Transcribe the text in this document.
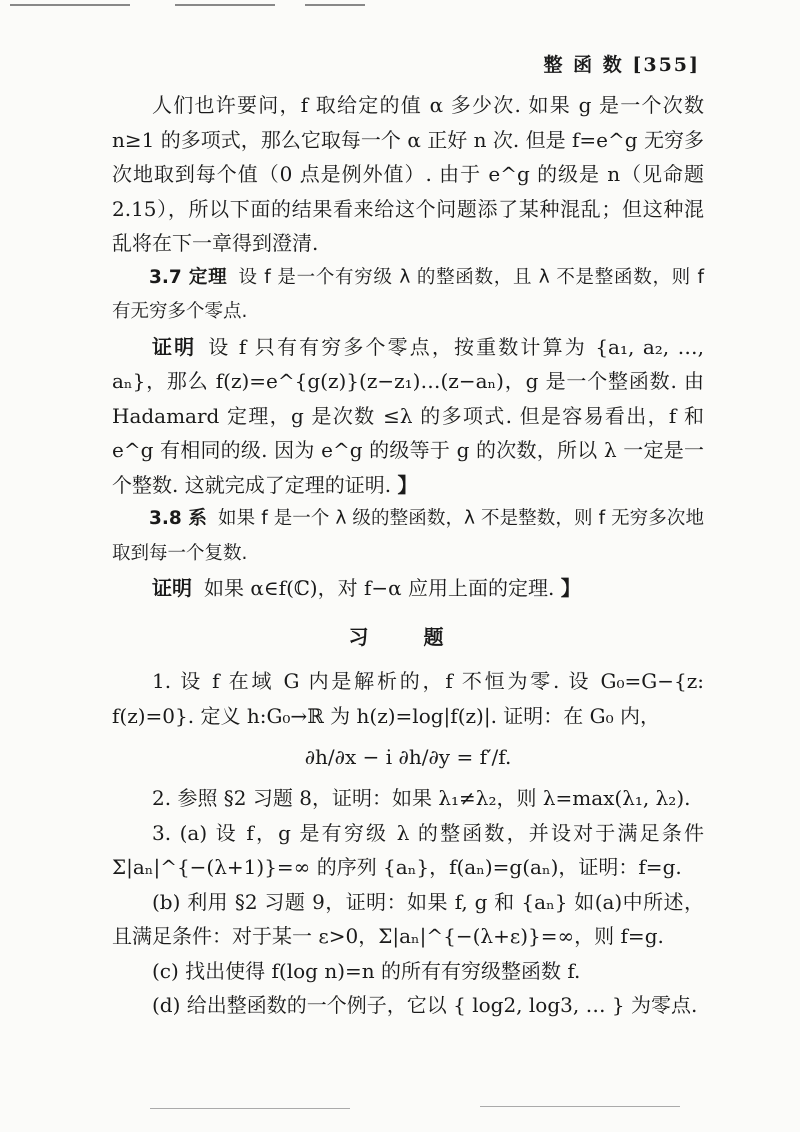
整 函 数 [355]

人们也许要问，f 取给定的值 α 多少次. 如果 g 是一个次数 n≥1 的多项式，那么它取每一个 α 正好 n 次. 但是 f=e^g 无穷多次地取到每个值（0 点是例外值）. 由于 e^g 的级是 n（见命题 2.15），所以下面的结果看来给这个问题添了某种混乱；但这种混乱将在下一章得到澄清.

3.7 定理 设 f 是一个有穷级 λ 的整函数，且 λ 不是整函数，则 f 有无穷多个零点.

证明 设 f 只有有穷多个零点，按重数计算为 {a₁, a₂, …, aₙ}，那么 f(z)=e^{g(z)}(z−z₁)…(z−aₙ)，g 是一个整函数. 由 Hadamard 定理，g 是次数 ≤λ 的多项式. 但是容易看出，f 和 e^g 有相同的级. 因为 e^g 的级等于 g 的次数，所以 λ 一定是一个整数. 这就完成了定理的证明. 】

3.8 系 如果 f 是一个 λ 级的整函数，λ 不是整数，则 f 无穷多次地取到每一个复数.

证明 如果 α∈f(ℂ)，对 f−α 应用上面的定理. 】

习 题

1. 设 f 在域 G 内是解析的，f 不恒为零. 设 G₀=G−{z: f(z)=0}. 定义 h:G₀→ℝ 为 h(z)=log|f(z)|. 证明：在 G₀ 内，

∂h/∂x − i ∂h/∂y = f′/f.

2. 参照 §2 习题 8，证明：如果 λ₁≠λ₂，则 λ=max(λ₁, λ₂).

3. (a) 设 f，g 是有穷级 λ 的整函数，并设对于满足条件 Σ|aₙ|^{−(λ+1)}=∞ 的序列 {aₙ}，f(aₙ)=g(aₙ)，证明：f=g.

(b) 利用 §2 习题 9，证明：如果 f, g 和 {aₙ} 如(a)中所述，且满足条件：对于某一 ε>0，Σ|aₙ|^{−(λ+ε)}=∞，则 f=g.

(c) 找出使得 f(log n)=n 的所有有穷级整函数 f.

(d) 给出整函数的一个例子，它以 { log2, log3, … } 为零点.
